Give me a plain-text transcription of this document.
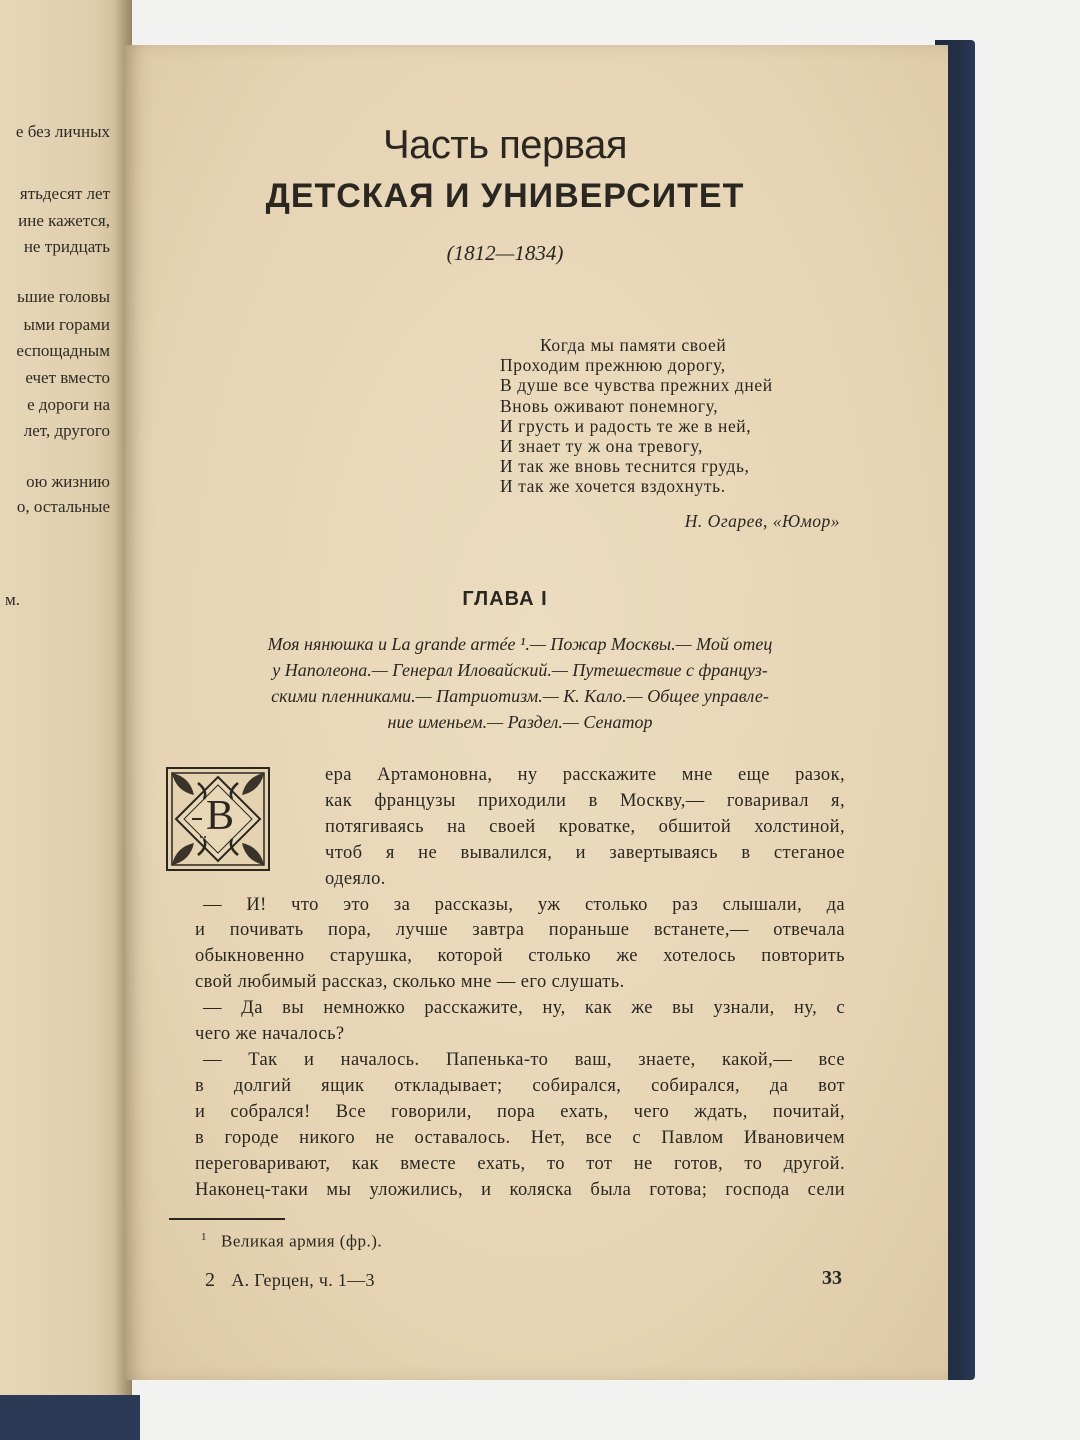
е без личных
ятьдесят лет
ине кажется,
не тридцать
ьшие головы
ыми горами
еспощадным
ечет вместо
е дороги на
лет, другого
ою жизнию
о, остальные
м.
Часть первая
ДЕТСКАЯ И УНИВЕРСИТЕТ
(1812—1834)
Когда мы памяти своей
Проходим прежнюю дорогу,
В душе все чувства прежних дней
Вновь оживают понемногу,
И грусть и радость те же в ней,
И знает ту ж она тревогу,
И так же вновь теснится грудь,
И так же хочется вздохнуть.
Н. Огарев, «Юмор»
ГЛАВА I
Моя нянюшка и La grande armée ¹.— Пожар Москвы.— Мой отец
у Наполеона.— Генерал Иловайский.— Путешествие с француз-
скими пленниками.— Патриотизм.— К. Кало.— Общее управле-
ние именьем.— Раздел.— Сенатор
В
ера Артамоновна, ну расскажите мне еще разок,
как французы приходили в Москву,— говаривал я,
потягиваясь на своей кроватке, обшитой холстиной,
чтоб я не вывалился, и завертываясь в стеганое
одеяло.
— И! что это за рассказы, уж столько раз слышали, да
и почивать пора, лучше завтра пораньше встанете,— отвечала
обыкновенно старушка, которой столько же хотелось повторить
свой любимый рассказ, сколько мне — его слушать.
— Да вы немножко расскажите, ну, как же вы узнали, ну, с
чего же началось?
— Так и началось. Папенька-то ваш, знаете, какой,— все
в долгий ящик откладывает; собирался, собирался, да вот
и собрался! Все говорили, пора ехать, чего ждать, почитай,
в городе никого не оставалось. Нет, все с Павлом Ивановичем
переговаривают, как вместе ехать, то тот не готов, то другой.
Наконец-таки мы уложились, и коляска была готова; господа сели
$^1$ Великая армия (фр.).
2 А. Герцен, ч. 1—3	33
